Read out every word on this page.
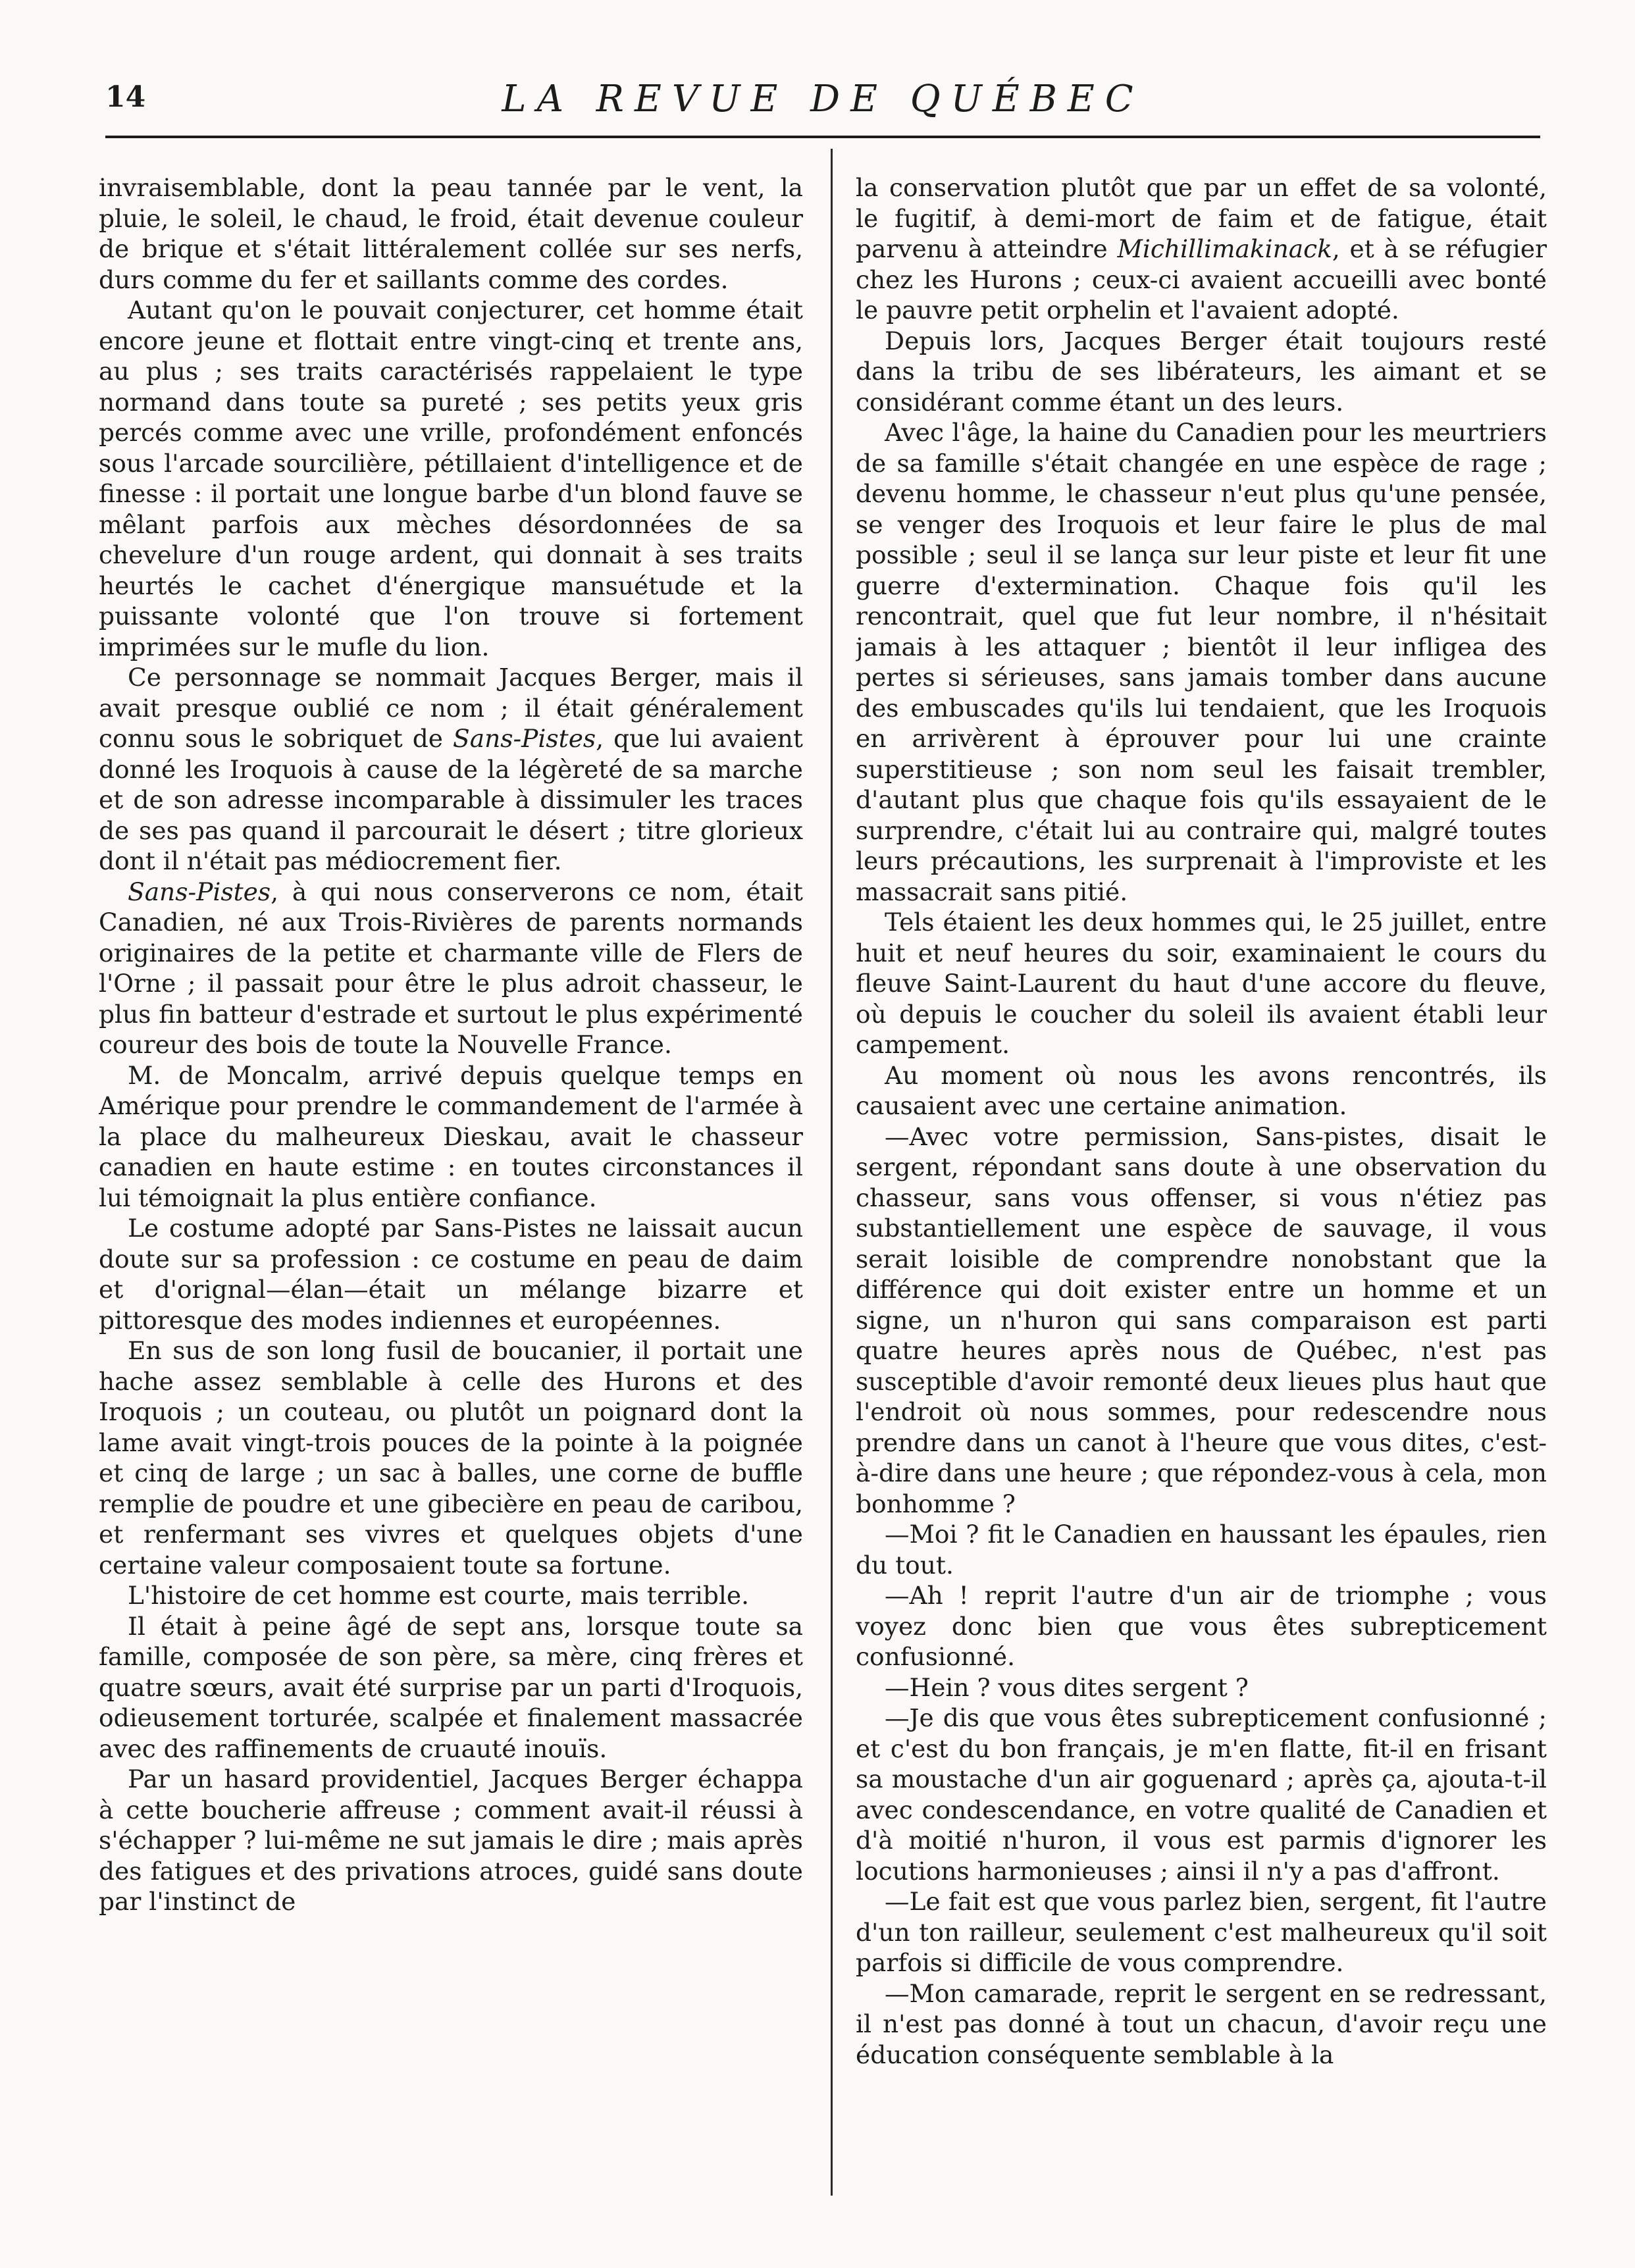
14	LA REVUE DE QUÉBEC

invraisemblable, dont la peau tannée par le vent, la pluie, le soleil, le chaud, le froid, était devenue couleur de brique et s'était littéralement collée sur ses nerfs, durs comme du fer et saillants comme des cordes.

Autant qu'on le pouvait conjecturer, cet homme était encore jeune et flottait entre vingt-cinq et trente ans, au plus ; ses traits caractérisés rappelaient le type normand dans toute sa pureté ; ses petits yeux gris percés comme avec une vrille, profondément enfoncés sous l'arcade sourcilière, pétillaient d'intelligence et de finesse : il portait une longue barbe d'un blond fauve se mêlant parfois aux mèches désordonnées de sa chevelure d'un rouge ardent, qui donnait à ses traits heurtés le cachet d'énergique mansuétude et la puissante volonté que l'on trouve si fortement imprimées sur le mufle du lion.

Ce personnage se nommait Jacques Berger, mais il avait presque oublié ce nom ; il était généralement connu sous le sobriquet de Sans-Pistes, que lui avaient donné les Iroquois à cause de la légèreté de sa marche et de son adresse incomparable à dissimuler les traces de ses pas quand il parcourait le désert ; titre glorieux dont il n'était pas médiocrement fier.

Sans-Pistes, à qui nous conserverons ce nom, était Canadien, né aux Trois-Rivières de parents normands originaires de la petite et charmante ville de Flers de l'Orne ; il passait pour être le plus adroit chasseur, le plus fin batteur d'estrade et surtout le plus expérimenté coureur des bois de toute la Nouvelle France.

M. de Moncalm, arrivé depuis quelque temps en Amérique pour prendre le commandement de l'armée à la place du malheureux Dieskau, avait le chasseur canadien en haute estime : en toutes circonstances il lui témoignait la plus entière confiance.

Le costume adopté par Sans-Pistes ne laissait aucun doute sur sa profession : ce costume en peau de daim et d'orignal—élan—était un mélange bizarre et pittoresque des modes indiennes et européennes.

En sus de son long fusil de boucanier, il portait une hache assez semblable à celle des Hurons et des Iroquois ; un couteau, ou plutôt un poignard dont la lame avait vingt-trois pouces de la pointe à la poignée et cinq de large ; un sac à balles, une corne de buffle remplie de poudre et une gibecière en peau de caribou, et renfermant ses vivres et quelques objets d'une certaine valeur composaient toute sa fortune.

L'histoire de cet homme est courte, mais terrible.

Il était à peine âgé de sept ans, lorsque toute sa famille, composée de son père, sa mère, cinq frères et quatre sœurs, avait été surprise par un parti d'Iroquois, odieusement torturée, scalpée et finalement massacrée avec des raffinements de cruauté inouïs.

Par un hasard providentiel, Jacques Berger échappa à cette boucherie affreuse ; comment avait-il réussi à s'échapper ? lui-même ne sut jamais le dire ; mais après des fatigues et des privations atroces, guidé sans doute par l'instinct de

la conservation plutôt que par un effet de sa volonté, le fugitif, à demi-mort de faim et de fatigue, était parvenu à atteindre Michillimakinack, et à se réfugier chez les Hurons ; ceux-ci avaient accueilli avec bonté le pauvre petit orphelin et l'avaient adopté.

Depuis lors, Jacques Berger était toujours resté dans la tribu de ses libérateurs, les aimant et se considérant comme étant un des leurs.

Avec l'âge, la haine du Canadien pour les meurtriers de sa famille s'était changée en une espèce de rage ; devenu homme, le chasseur n'eut plus qu'une pensée, se venger des Iroquois et leur faire le plus de mal possible ; seul il se lança sur leur piste et leur fit une guerre d'extermination. Chaque fois qu'il les rencontrait, quel que fut leur nombre, il n'hésitait jamais à les attaquer ; bientôt il leur infligea des pertes si sérieuses, sans jamais tomber dans aucune des embuscades qu'ils lui tendaient, que les Iroquois en arrivèrent à éprouver pour lui une crainte superstitieuse ; son nom seul les faisait trembler, d'autant plus que chaque fois qu'ils essayaient de le surprendre, c'était lui au contraire qui, malgré toutes leurs précautions, les surprenait à l'improviste et les massacrait sans pitié.

Tels étaient les deux hommes qui, le 25 juillet, entre huit et neuf heures du soir, examinaient le cours du fleuve Saint-Laurent du haut d'une accore du fleuve, où depuis le coucher du soleil ils avaient établi leur campement.

Au moment où nous les avons rencontrés, ils causaient avec une certaine animation.

—Avec votre permission, Sans-pistes, disait le sergent, répondant sans doute à une observation du chasseur, sans vous offenser, si vous n'étiez pas substantiellement une espèce de sauvage, il vous serait loisible de comprendre nonobstant que la différence qui doit exister entre un homme et un signe, un n'huron qui sans comparaison est parti quatre heures après nous de Québec, n'est pas susceptible d'avoir remonté deux lieues plus haut que l'endroit où nous sommes, pour redescendre nous prendre dans un canot à l'heure que vous dites, c'est-à-dire dans une heure ; que répondez-vous à cela, mon bonhomme ?

—Moi ? fit le Canadien en haussant les épaules, rien du tout.

—Ah ! reprit l'autre d'un air de triomphe ; vous voyez donc bien que vous êtes subrepticement confusionné.

—Hein ? vous dites sergent ?

—Je dis que vous êtes subrepticement confusionné ; et c'est du bon français, je m'en flatte, fit-il en frisant sa moustache d'un air goguenard ; après ça, ajouta-t-il avec condescendance, en votre qualité de Canadien et d'à moitié n'huron, il vous est parmis d'ignorer les locutions harmonieuses ; ainsi il n'y a pas d'affront.

—Le fait est que vous parlez bien, sergent, fit l'autre d'un ton railleur, seulement c'est malheureux qu'il soit parfois si difficile de vous comprendre.

—Mon camarade, reprit le sergent en se redressant, il n'est pas donné à tout un chacun, d'avoir reçu une éducation conséquente semblable à la
